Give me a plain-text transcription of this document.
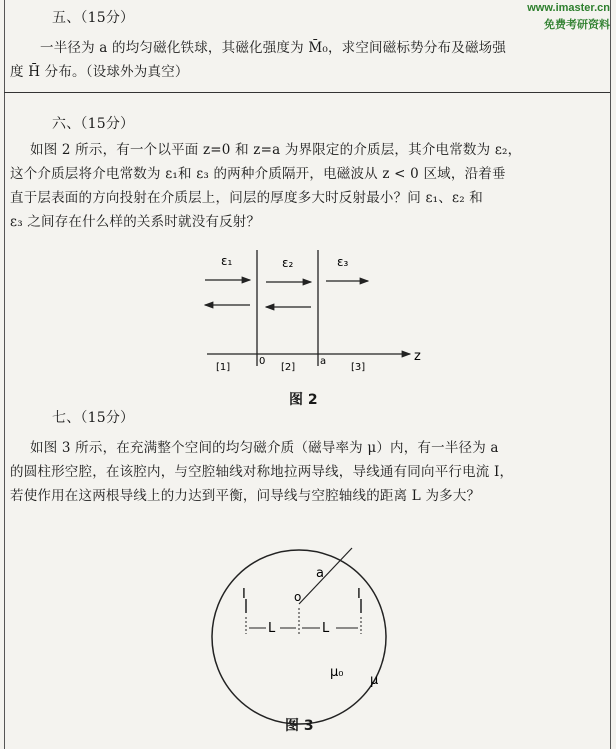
www.imaster.cn
免费考研资料
五、（15分）
一半径为 a 的均匀磁化铁球，其磁化强度为 M̄₀，求空间磁标势分布及磁场强
度 H̄ 分布。（设球外为真空）
六、（15分）
如图 2 所示，有一个以平面 z=0 和 z=a 为界限定的介质层，其介电常数为 ε₂，
这个介质层将介电常数为 ε₁和 ε₃ 的两种介质隔开，电磁波从 z < 0 区域，沿着垂
直于层表面的方向投射在介质层上，问层的厚度多大时反射最小？问 ε₁、ε₂ 和
ε₃ 之间存在什么样的关系时就没有反射？
ε₁	ε₂	ε₃
0	a	z
[1]	[2]	[3]
I	I
o
a
L	L
μ₀
μ
图 2
七、（15分）
如图 3 所示，在充满整个空间的均匀磁介质（磁导率为 μ）内，有一半径为 a
的圆柱形空腔，在该腔内，与空腔轴线对称地拉两导线，导线通有同向平行电流 I，
若使作用在这两根导线上的力达到平衡，问导线与空腔轴线的距离 L 为多大？
图 3
